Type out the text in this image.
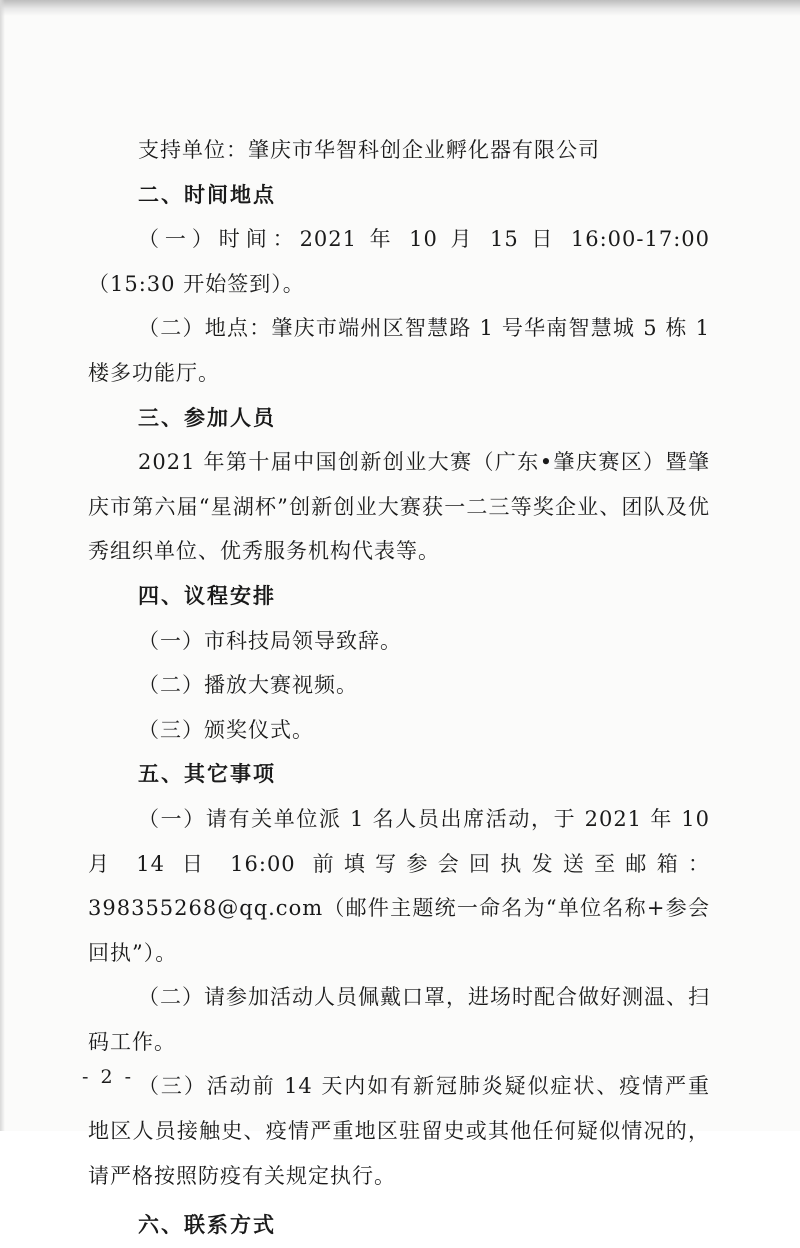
支持单位：肇庆市华智科创企业孵化器有限公司

二、时间地点

（一）时间：2021 年 10 月 15 日 16:00-17:00（15:30 开始签到）。

（二）地点：肇庆市端州区智慧路 1 号华南智慧城 5 栋 1 楼多功能厅。

三、参加人员

2021 年第十届中国创新创业大赛（广东•肇庆赛区）暨肇庆市第六届“星湖杯”创新创业大赛获一二三等奖企业、团队及优秀组织单位、优秀服务机构代表等。

四、议程安排

（一）市科技局领导致辞。

（二）播放大赛视频。

（三）颁奖仪式。

五、其它事项

（一）请有关单位派 1 名人员出席活动，于 2021 年 10 月 14 日 16:00 前填写参会回执发送至邮箱：398355268@qq.com（邮件主题统一命名为“单位名称+参会回执”）。

（二）请参加活动人员佩戴口罩，进场时配合做好测温、扫码工作。

（三）活动前 14 天内如有新冠肺炎疑似症状、疫情严重地区人员接触史、疫情严重地区驻留史或其他任何疑似情况的，请严格按照防疫有关规定执行。

六、联系方式

- 2 -
